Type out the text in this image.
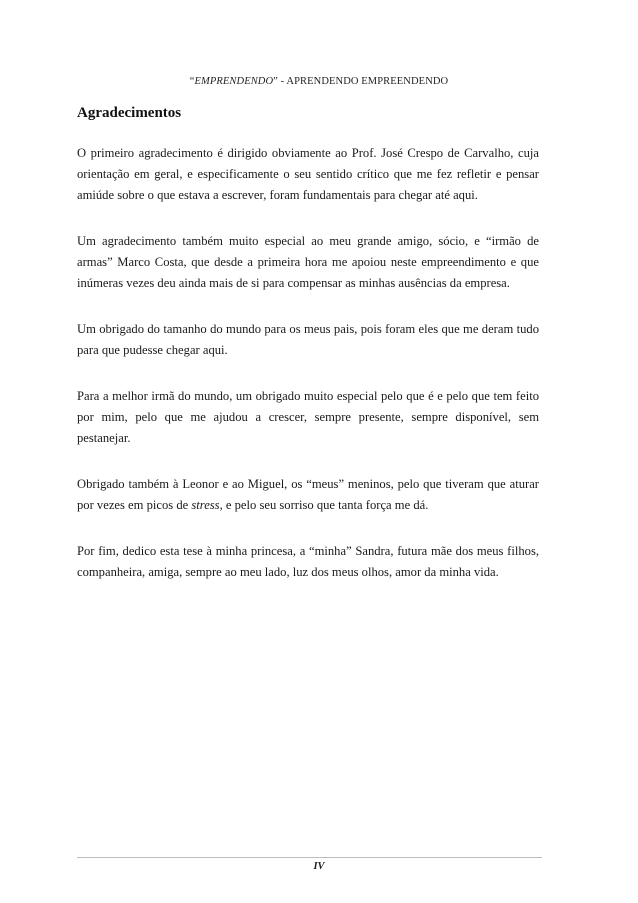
“EMPRENDENDO” - APRENDENDO EMPREENDENDO
Agradecimentos

O primeiro agradecimento é dirigido obviamente ao Prof. José Crespo de Carvalho, cuja orientação em geral, e especificamente o seu sentido crítico que me fez refletir e pensar amiúde sobre o que estava a escrever, foram fundamentais para chegar até aqui.

Um agradecimento também muito especial ao meu grande amigo, sócio, e “irmão de armas” Marco Costa, que desde a primeira hora me apoiou neste empreendimento e que inúmeras vezes deu ainda mais de si para compensar as minhas ausências da empresa.

Um obrigado do tamanho do mundo para os meus pais, pois foram eles que me deram tudo para que pudesse chegar aqui.

Para a melhor irmã do mundo, um obrigado muito especial pelo que é e pelo que tem feito por mim, pelo que me ajudou a crescer, sempre presente, sempre disponível, sem pestanejar.

Obrigado também à Leonor e ao Miguel, os “meus” meninos, pelo que tiveram que aturar por vezes em picos de stress, e pelo seu sorriso que tanta força me dá.

Por fim, dedico esta tese à minha princesa, a “minha” Sandra, futura mãe dos meus filhos, companheira, amiga, sempre ao meu lado, luz dos meus olhos, amor da minha vida.

IV
